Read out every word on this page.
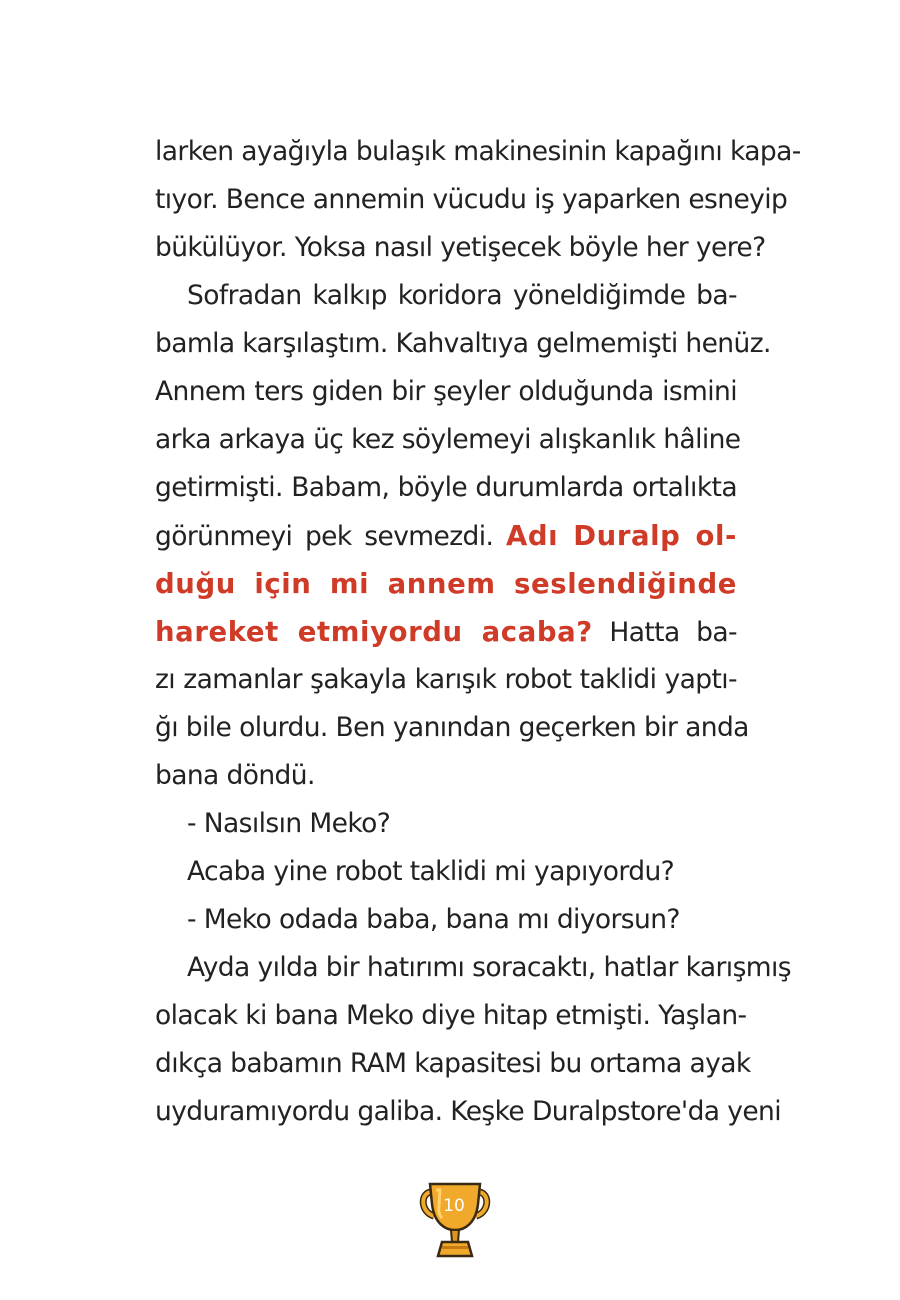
larken ayağıyla bulaşık makinesinin kapağını kapa-
tıyor. Bence annemin vücudu iş yaparken esneyip
bükülüyor. Yoksa nasıl yetişecek böyle her yere?
Sofradan kalkıp koridora yöneldiğimde ba-
bamla karşılaştım. Kahvaltıya gelmemişti henüz.
Annem ters giden bir şeyler olduğunda ismini
arka arkaya üç kez söylemeyi alışkanlık hâline
getirmişti. Babam, böyle durumlarda ortalıkta
görünmeyi pek sevmezdi. Adı Duralp ol-
duğu için mi annem seslendiğinde
hareket etmiyordu acaba? Hatta ba-
zı zamanlar şakayla karışık robot taklidi yaptı-
ğı bile olurdu. Ben yanından geçerken bir anda
bana döndü.
- Nasılsın Meko?
Acaba yine robot taklidi mi yapıyordu?
- Meko odada baba, bana mı diyorsun?
Ayda yılda bir hatırımı soracaktı, hatlar karışmış
olacak ki bana Meko diye hitap etmişti. Yaşlan-
dıkça babamın RAM kapasitesi bu ortama ayak
uyduramıyordu galiba. Keşke Duralpstore'da yeni
10
